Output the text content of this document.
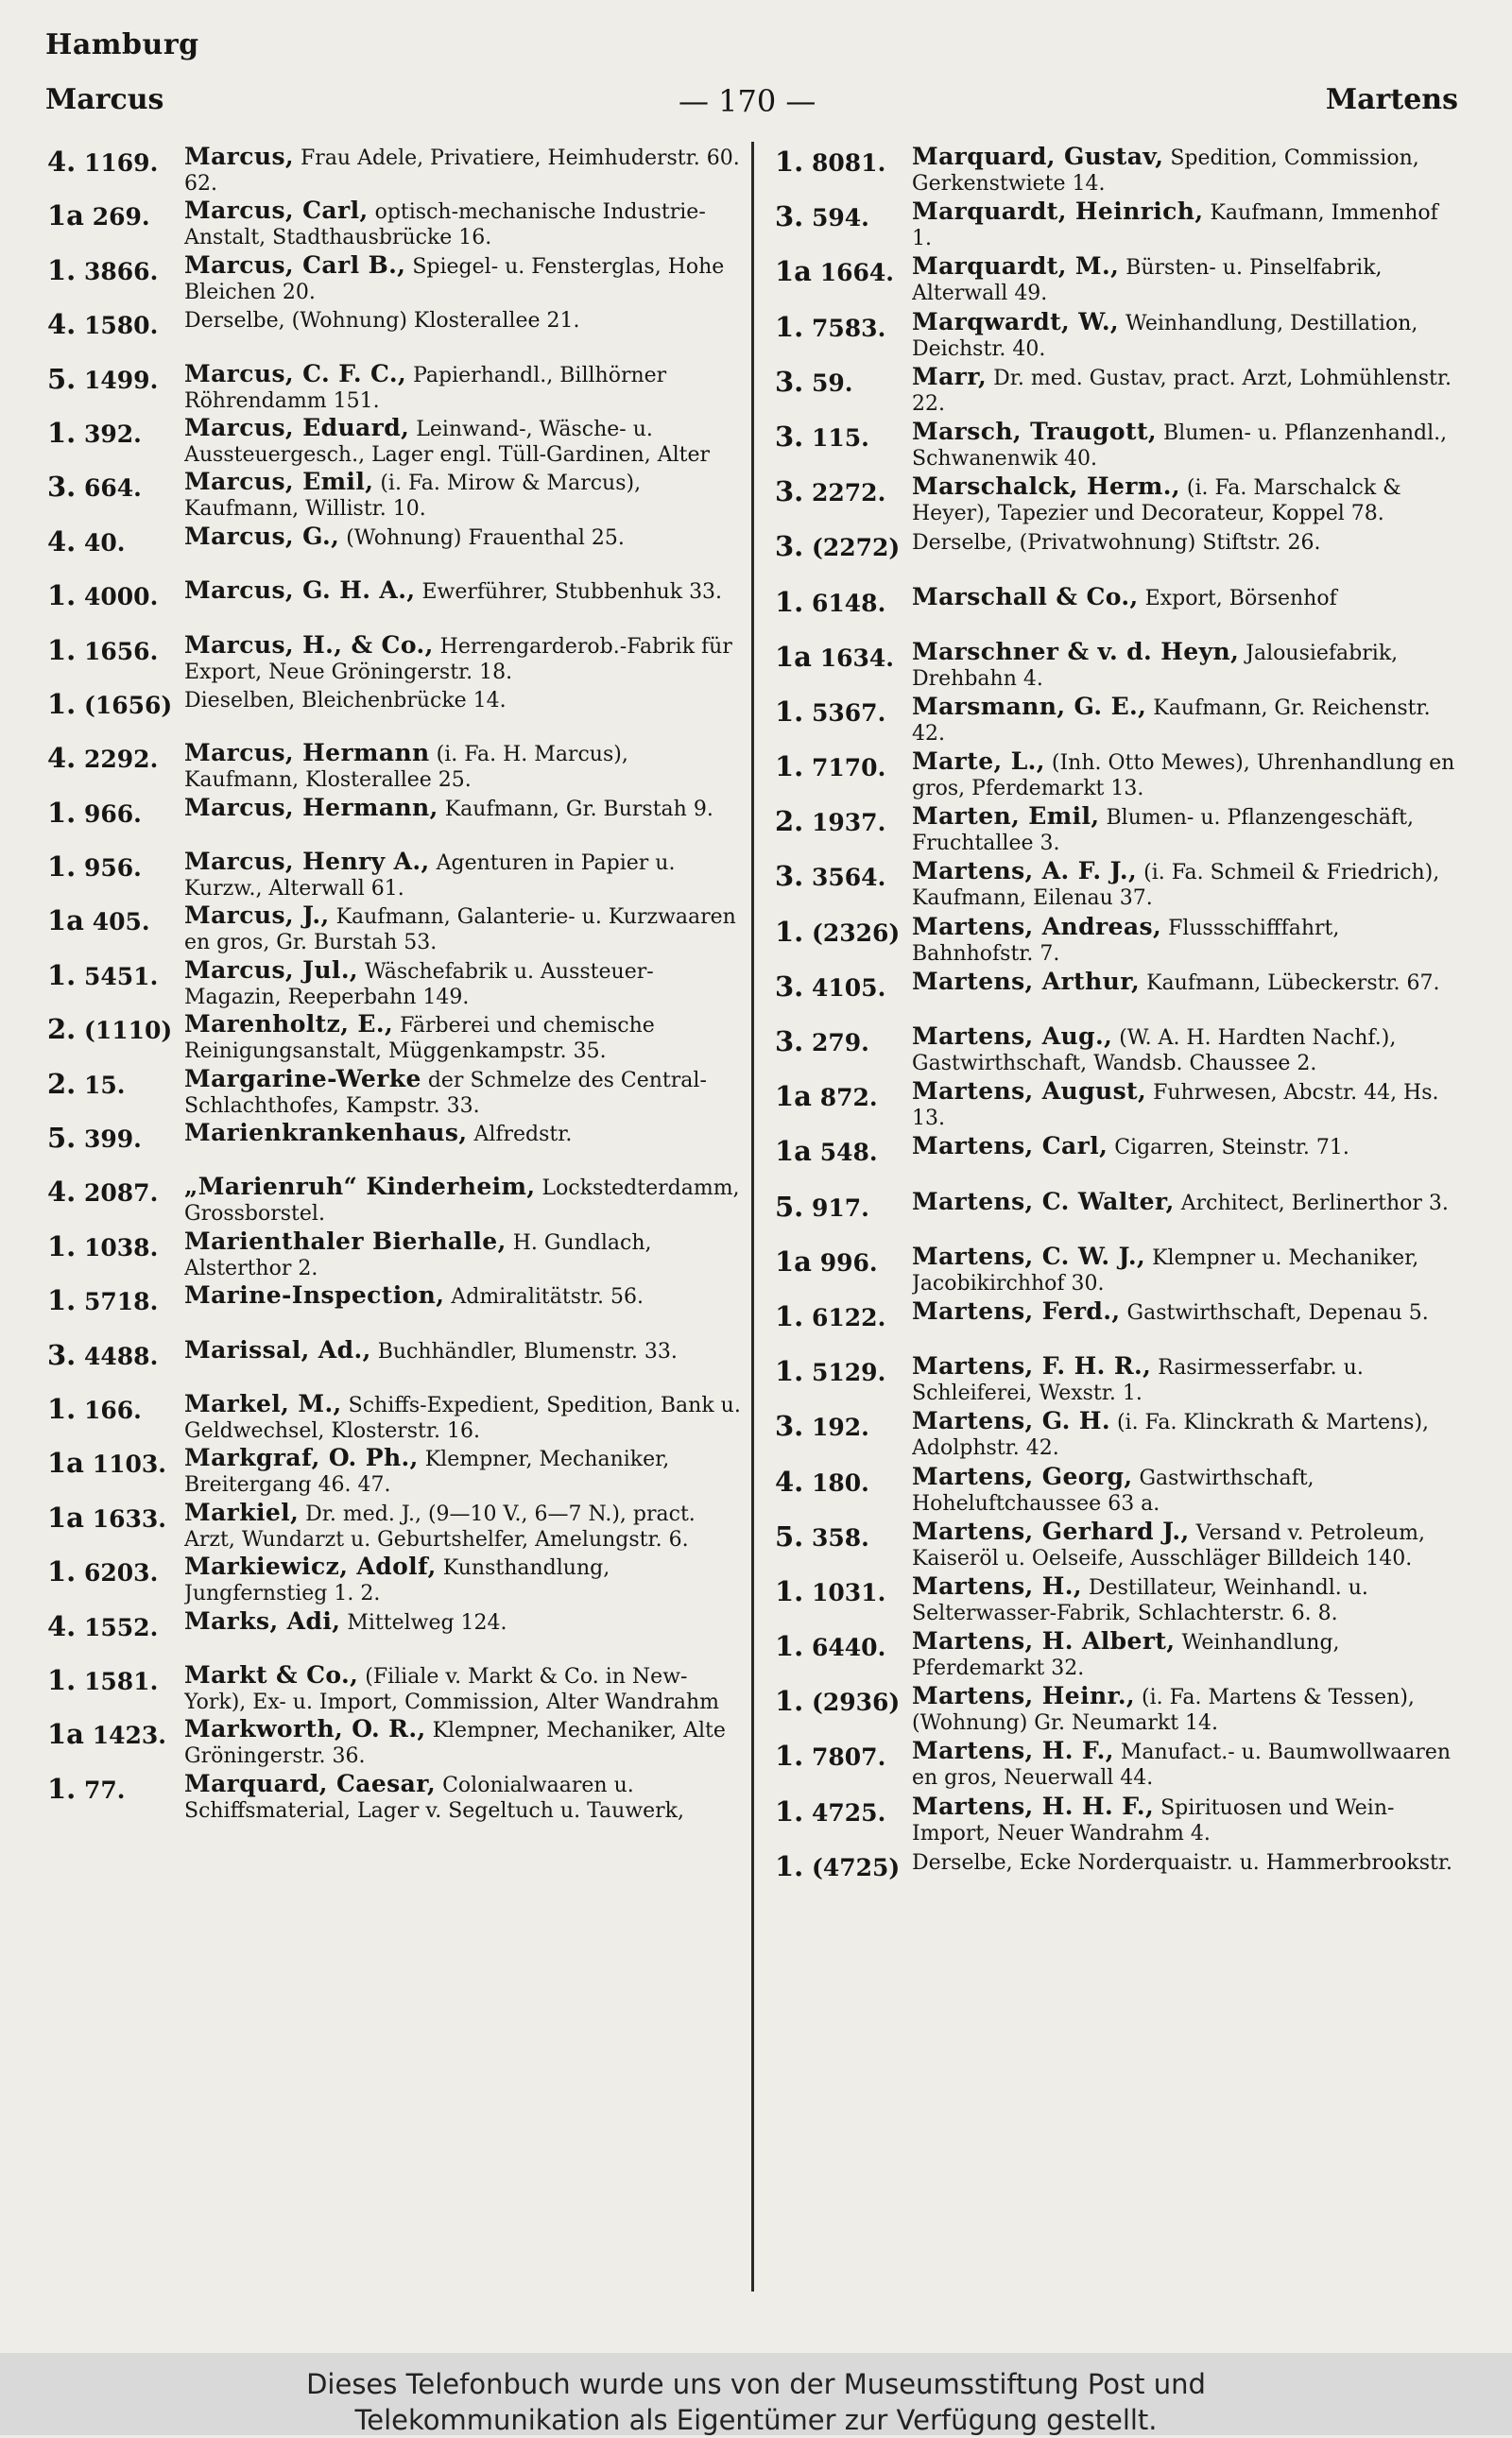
Hamburg
Marcus	— 170 —	Martens
4. 1169.	Marcus, Frau Adele, Privatiere, Heimhuderstr. 60. 62.
1a 269.	Marcus, Carl, optisch-mechanische Industrie-Anstalt, Stadthausbrücke 16.
1. 3866.	Marcus, Carl B., Spiegel- u. Fensterglas, Hohe Bleichen 20.
4. 1580.	Derselbe, (Wohnung) Klosterallee 21.
5. 1499.	Marcus, C. F. C., Papierhandl., Billhörner Röhrendamm 151.
1. 392.	Marcus, Eduard, Leinwand-, Wäsche- u. Aussteuergesch., Lager engl. Tüll-Gardinen, Alter
3. 664.	Marcus, Emil, (i. Fa. Mirow & Marcus), Kaufmann, Willistr. 10.
4. 40.	Marcus, G., (Wohnung) Frauenthal 25.
1. 4000.	Marcus, G. H. A., Ewerführer, Stubbenhuk 33.
1. 1656.	Marcus, H., & Co., Herrengarderob.-Fabrik für Export, Neue Gröningerstr. 18.
1. (1656) Dieselben, Bleichenbrücke 14.
4. 2292.	Marcus, Hermann (i. Fa. H. Marcus), Kaufmann, Klosterallee 25.
1. 966.	Marcus, Hermann, Kaufmann, Gr. Burstah 9.
1. 956.	Marcus, Henry A., Agenturen in Papier u. Kurzw., Alterwall 61.
1a 405.	Marcus, J., Kaufmann, Galanterie- u. Kurzwaaren en gros, Gr. Burstah 53.
1. 5451.	Marcus, Jul., Wäschefabrik u. Aussteuer-Magazin, Reeperbahn 149.
2. (1110) Marenholtz, E., Färberei und chemische Reinigungsanstalt, Müggenkampstr. 35.
2. 15.	Margarine-Werke der Schmelze des Central-Schlachthofes, Kampstr. 33.
5. 399.	Marienkrankenhaus, Alfredstr.
4. 2087.	„Marienruh“ Kinderheim, Lockstedterdamm, Grossborstel.
1. 1038.	Marienthaler Bierhalle, H. Gundlach, Alsterthor 2.
1. 5718.	Marine-Inspection, Admiralitätstr. 56.
3. 4488.	Marissal, Ad., Buchhändler, Blumenstr. 33.
1. 166.	Markel, M., Schiffs-Expedient, Spedition, Bank u. Geldwechsel, Klosterstr. 16.
1a 1103. Markgraf, O. Ph., Klempner, Mechaniker, Breitergang 46. 47.
1a 1633. Markiel, Dr. med. J., (9—10 V., 6—7 N.), pract. Arzt, Wundarzt u. Geburtshelfer, Amelungstr. 6.
1. 6203.	Markiewicz, Adolf, Kunsthandlung, Jungfernstieg 1. 2.
4. 1552.	Marks, Adi, Mittelweg 124.
1. 1581.	Markt & Co., (Filiale v. Markt & Co. in New-York), Ex- u. Import, Commission, Alter Wandrahm
1a 1423. Markworth, O. R., Klempner, Mechaniker, Alte Gröningerstr. 36.
1. 77.	Marquard, Caesar, Colonialwaaren u. Schiffsmaterial, Lager v. Segeltuch u. Tauwerk,
1. 8081.	Marquard, Gustav, Spedition, Commission, Gerkenstwiete 14.
3. 594.	Marquardt, Heinrich, Kaufmann, Immenhof 1.
1a 1664. Marquardt, M., Bürsten- u. Pinselfabrik, Alterwall 49.
1. 7583.	Marqwardt, W., Weinhandlung, Destillation, Deichstr. 40.
3. 59.	Marr, Dr. med. Gustav, pract. Arzt, Lohmühlenstr. 22.
3. 115.	Marsch, Traugott, Blumen- u. Pflanzenhandl., Schwanenwik 40.
3. 2272.	Marschalck, Herm., (i. Fa. Marschalck & Heyer), Tapezier und Decorateur, Koppel 78.
3. (2272) Derselbe, (Privatwohnung) Stiftstr. 26.
1. 6148.	Marschall & Co., Export, Börsenhof
1a 1634. Marschner & v. d. Heyn, Jalousiefabrik, Drehbahn 4.
1. 5367.	Marsmann, G. E., Kaufmann, Gr. Reichenstr. 42.
1. 7170.	Marte, L., (Inh. Otto Mewes), Uhrenhandlung en gros, Pferdemarkt 13.
2. 1937.	Marten, Emil, Blumen- u. Pflanzengeschäft, Fruchtallee 3.
3. 3564.	Martens, A. F. J., (i. Fa. Schmeil & Friedrich), Kaufmann, Eilenau 37.
1. (2326) Martens, Andreas, Flussschifffahrt, Bahnhofstr. 7.
3. 4105.	Martens, Arthur, Kaufmann, Lübeckerstr. 67.
3. 279.	Martens, Aug., (W. A. H. Hardten Nachf.), Gastwirthschaft, Wandsb. Chaussee 2.
1a 872.	Martens, August, Fuhrwesen, Abcstr. 44, Hs. 13.
1a 548.	Martens, Carl, Cigarren, Steinstr. 71.
5. 917.	Martens, C. Walter, Architect, Berlinerthor 3.
1a 996.	Martens, C. W. J., Klempner u. Mechaniker, Jacobikirchhof 30.
1. 6122.	Martens, Ferd., Gastwirthschaft, Depenau 5.
1. 5129.	Martens, F. H. R., Rasirmesserfabr. u. Schleiferei, Wexstr. 1.
3. 192.	Martens, G. H. (i. Fa. Klinckrath & Martens), Adolphstr. 42.
4. 180.	Martens, Georg, Gastwirthschaft, Hoheluftchaussee 63 a.
5. 358.	Martens, Gerhard J., Versand v. Petroleum, Kaiseröl u. Oelseife, Ausschläger Billdeich 140.
1. 1031.	Martens, H., Destillateur, Weinhandl. u. Selterwasser-Fabrik, Schlachterstr. 6. 8.
1. 6440.	Martens, H. Albert, Weinhandlung, Pferdemarkt 32.
1. (2936) Martens, Heinr., (i. Fa. Martens & Tessen), (Wohnung) Gr. Neumarkt 14.
1. 7807.	Martens, H. F., Manufact.- u. Baumwollwaaren en gros, Neuerwall 44.
1. 4725.	Martens, H. H. F., Spirituosen und Wein-Import, Neuer Wandrahm 4.
1. (4725) Derselbe, Ecke Norderquaistr. u. Hammerbrookstr.
Dieses Telefonbuch wurde uns von der Museumsstiftung Post und
Telekommunikation als Eigentümer zur Verfügung gestellt.
